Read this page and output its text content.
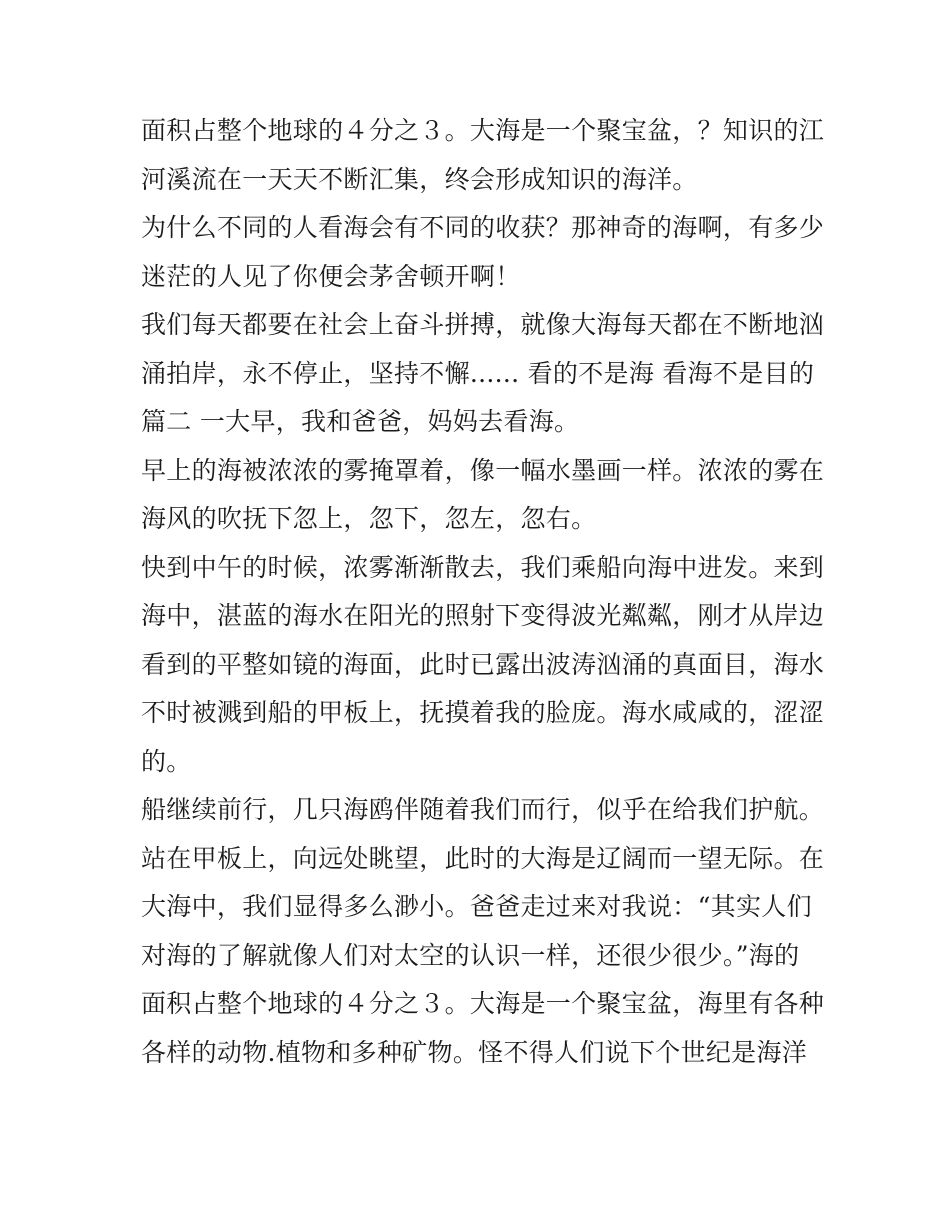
面积占整个地球的４分之３。大海是一个聚宝盆，？知识的江
河溪流在一天天不断汇集，终会形成知识的海洋。
为什么不同的人看海会有不同的收获？那神奇的海啊，有多少
迷茫的人见了你便会茅舍顿开啊！
我们每天都要在社会上奋斗拼搏，就像大海每天都在不断地汹
涌拍岸，永不停止，坚持不懈...... 看的不是海 看海不是目的
篇二 一大早，我和爸爸，妈妈去看海。
早上的海被浓浓的雾掩罩着，像一幅水墨画一样。浓浓的雾在
海风的吹抚下忽上，忽下，忽左，忽右。
快到中午的时候，浓雾渐渐散去，我们乘船向海中进发。来到
海中，湛蓝的海水在阳光的照射下变得波光粼粼，刚才从岸边
看到的平整如镜的海面，此时已露出波涛汹涌的真面目，海水
不时被溅到船的甲板上，抚摸着我的脸庞。海水咸咸的，涩涩
的。
船继续前行，几只海鸥伴随着我们而行，似乎在给我们护航。
站在甲板上，向远处眺望，此时的大海是辽阔而一望无际。在
大海中，我们显得多么渺小。爸爸走过来对我说：“其实人们
对海的了解就像人们对太空的认识一样，还很少很少。”海的
面积占整个地球的４分之３。大海是一个聚宝盆，海里有各种
各样的动物.植物和多种矿物。怪不得人们说下个世纪是海洋
